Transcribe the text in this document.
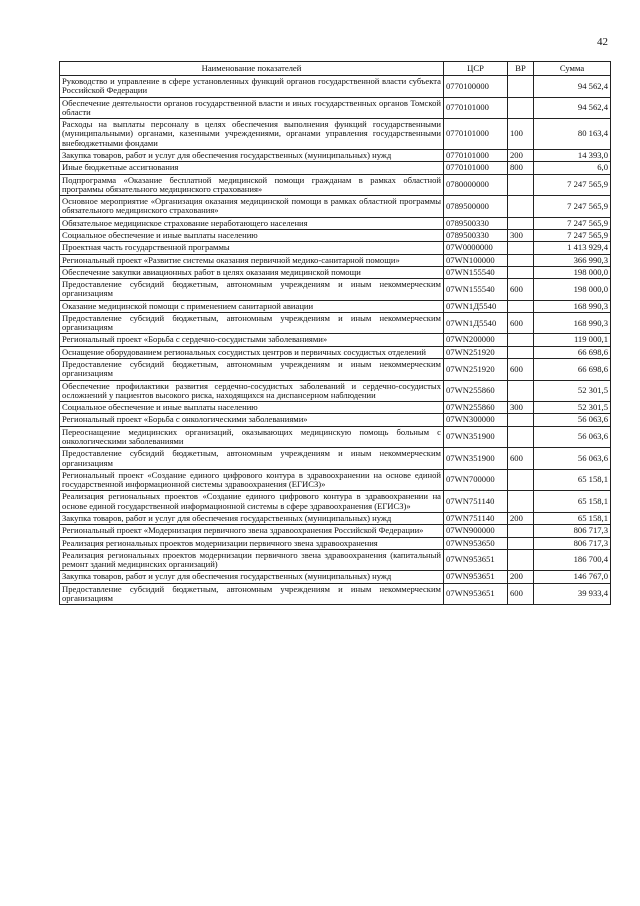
42
Наименование показателей	ЦСР	ВР	Сумма
Руководство и управление в сфере установленных функций органов государственной власти субъекта Российской Федерации	0770100000		94 562,4
Обеспечение деятельности органов государственной власти и иных государственных органов Томской области	0770101000		94 562,4
Расходы на выплаты персоналу в целях обеспечения выполнения функций государственными (муниципальными) органами, казенными учреждениями, органами управления государственными внебюджетными фондами	0770101000	100	80 163,4
Закупка товаров, работ и услуг для обеспечения государственных (муниципальных) нужд	0770101000	200	14 393,0
Иные бюджетные ассигнования	0770101000	800	6,0
Подпрограмма «Оказание бесплатной медицинской помощи гражданам в рамках областной программы обязательного медицинского страхования»	0780000000		7 247 565,9
Основное мероприятие «Организация оказания медицинской помощи в рамках областной программы обязательного медицинского страхования»	0789500000		7 247 565,9
Обязательное медицинское страхование неработающего населения	0789500330		7 247 565,9
Социальное обеспечение и иные выплаты населению	0789500330	300	7 247 565,9
Проектная часть государственной программы	07W0000000		1 413 929,4
Региональный проект «Развитие системы оказания первичной медико-санитарной помощи»	07WN100000		366 990,3
Обеспечение закупки авиационных работ в целях оказания медицинской помощи	07WN155540		198 000,0
Предоставление субсидий бюджетным, автономным учреждениям и иным некоммерческим организациям	07WN155540	600	198 000,0
Оказание медицинской помощи с применением санитарной авиации	07WN1Д5540		168 990,3
Предоставление субсидий бюджетным, автономным учреждениям и иным некоммерческим организациям	07WN1Д5540	600	168 990,3
Региональный проект «Борьба с сердечно-сосудистыми заболеваниями»	07WN200000		119 000,1
Оснащение оборудованием региональных сосудистых центров и первичных сосудистых отделений	07WN251920		66 698,6
Предоставление субсидий бюджетным, автономным учреждениям и иным некоммерческим организациям	07WN251920	600	66 698,6
Обеспечение профилактики развития сердечно-сосудистых заболеваний и сердечно-сосудистых осложнений у пациентов высокого риска, находящихся на диспансерном наблюдении	07WN255860		52 301,5
Социальное обеспечение и иные выплаты населению	07WN255860	300	52 301,5
Региональный проект «Борьба с онкологическими заболеваниями»	07WN300000		56 063,6
Переоснащение медицинских организаций, оказывающих медицинскую помощь больным с онкологическими заболеваниями	07WN351900		56 063,6
Предоставление субсидий бюджетным, автономным учреждениям и иным некоммерческим организациям	07WN351900	600	56 063,6
Региональный проект «Создание единого цифрового контура в здравоохранении на основе единой государственной информационной системы здравоохранения (ЕГИСЗ)»	07WN700000		65 158,1
Реализация региональных проектов «Создание единого цифрового контура в здравоохранении на основе единой государственной информационной системы в сфере здравоохранения (ЕГИСЗ)»	07WN751140		65 158,1
Закупка товаров, работ и услуг для обеспечения государственных (муниципальных) нужд	07WN751140	200	65 158,1
Региональный проект «Модернизация первичного звена здравоохранения Российской Федерации»	07WN900000		806 717,3
Реализация региональных проектов модернизации первичного звена здравоохранения	07WN953650		806 717,3
Реализация региональных проектов модернизации первичного звена здравоохранения (капитальный ремонт зданий медицинских организаций)	07WN953651		186 700,4
Закупка товаров, работ и услуг для обеспечения государственных (муниципальных) нужд	07WN953651	200	146 767,0
Предоставление субсидий бюджетным, автономным учреждениям и иным некоммерческим организациям	07WN953651	600	39 933,4
